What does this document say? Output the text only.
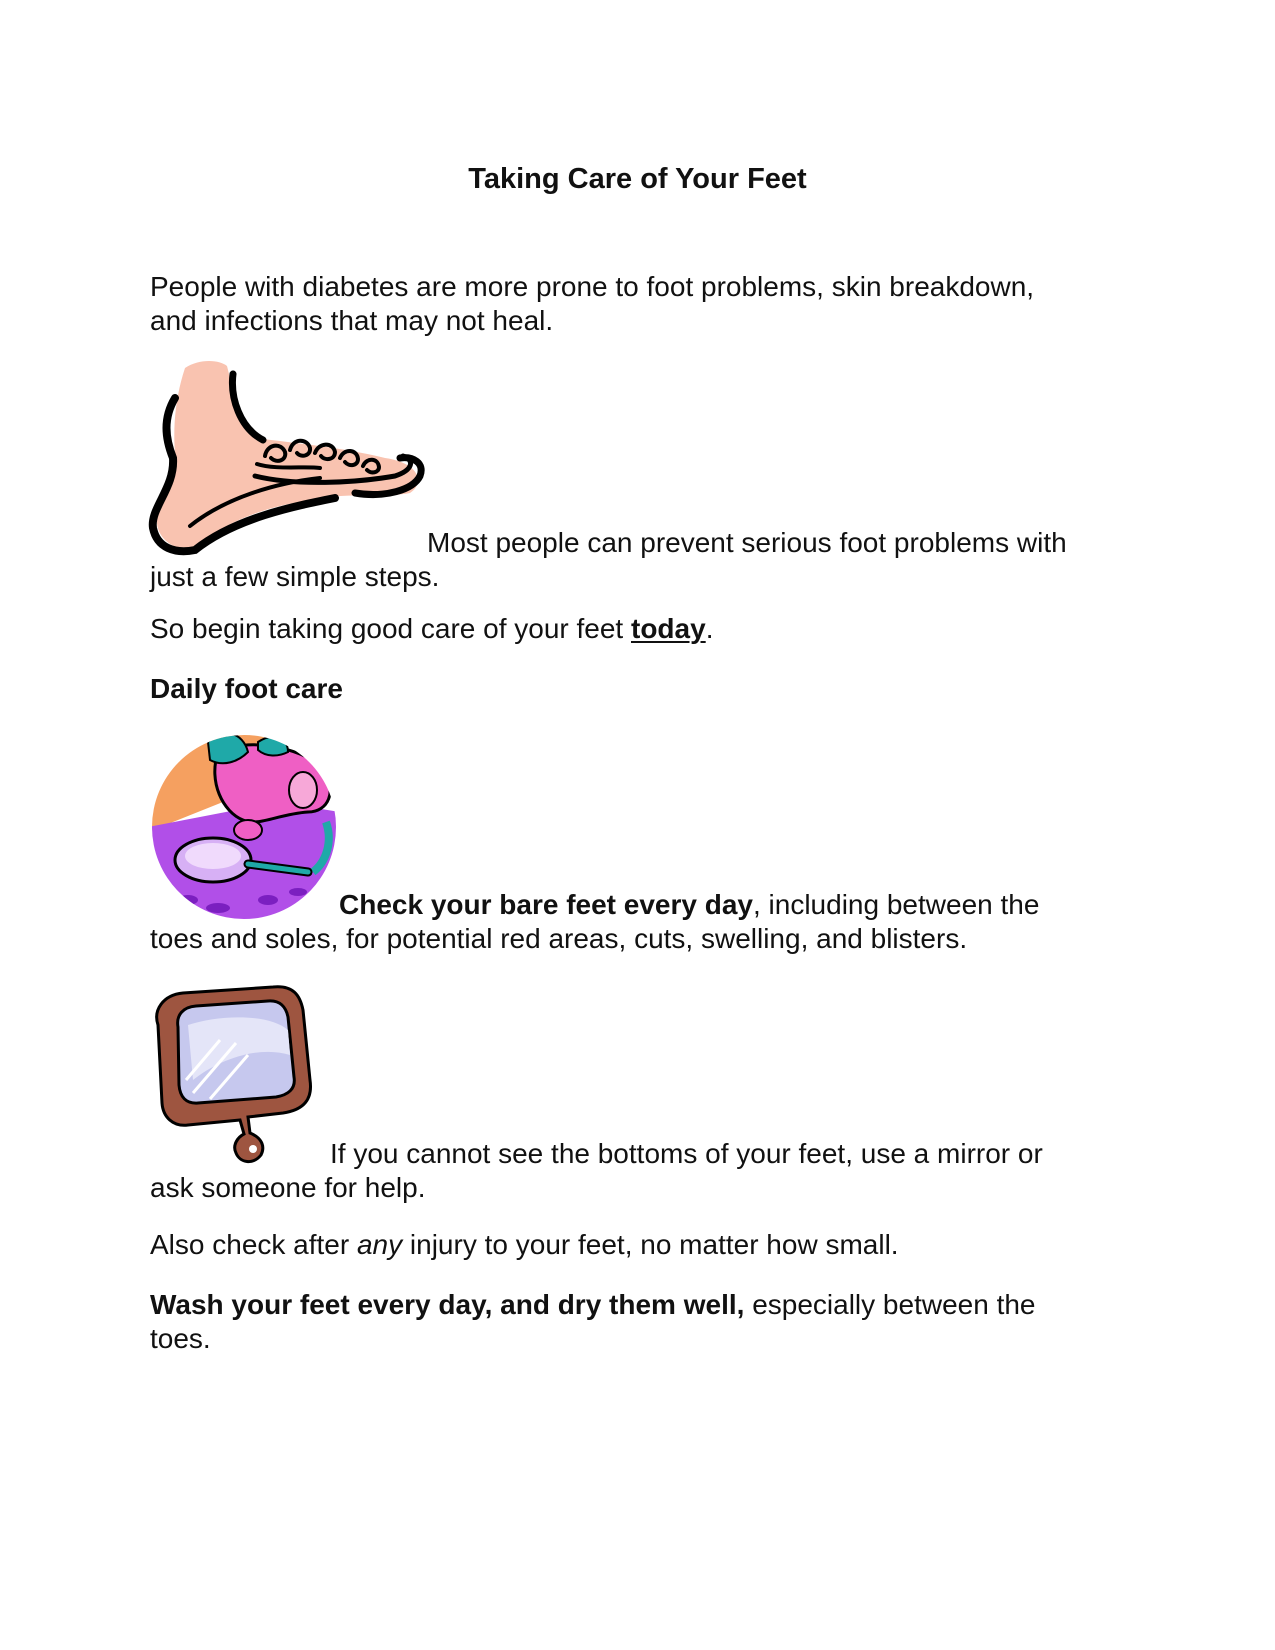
Taking Care of Your Feet
People with diabetes are more prone to foot problems, skin breakdown, and infections that may not heal.
Most people can prevent serious foot problems with
just a few simple steps.
So begin taking good care of your feet today.
Daily foot care
Check your bare feet every day, including between the
toes and soles, for potential red areas, cuts, swelling, and blisters.
If you cannot see the bottoms of your feet, use a mirror or
ask someone for help.
Also check after any injury to your feet, no matter how small.
Wash your feet every day, and dry them well, especially between the
toes.
